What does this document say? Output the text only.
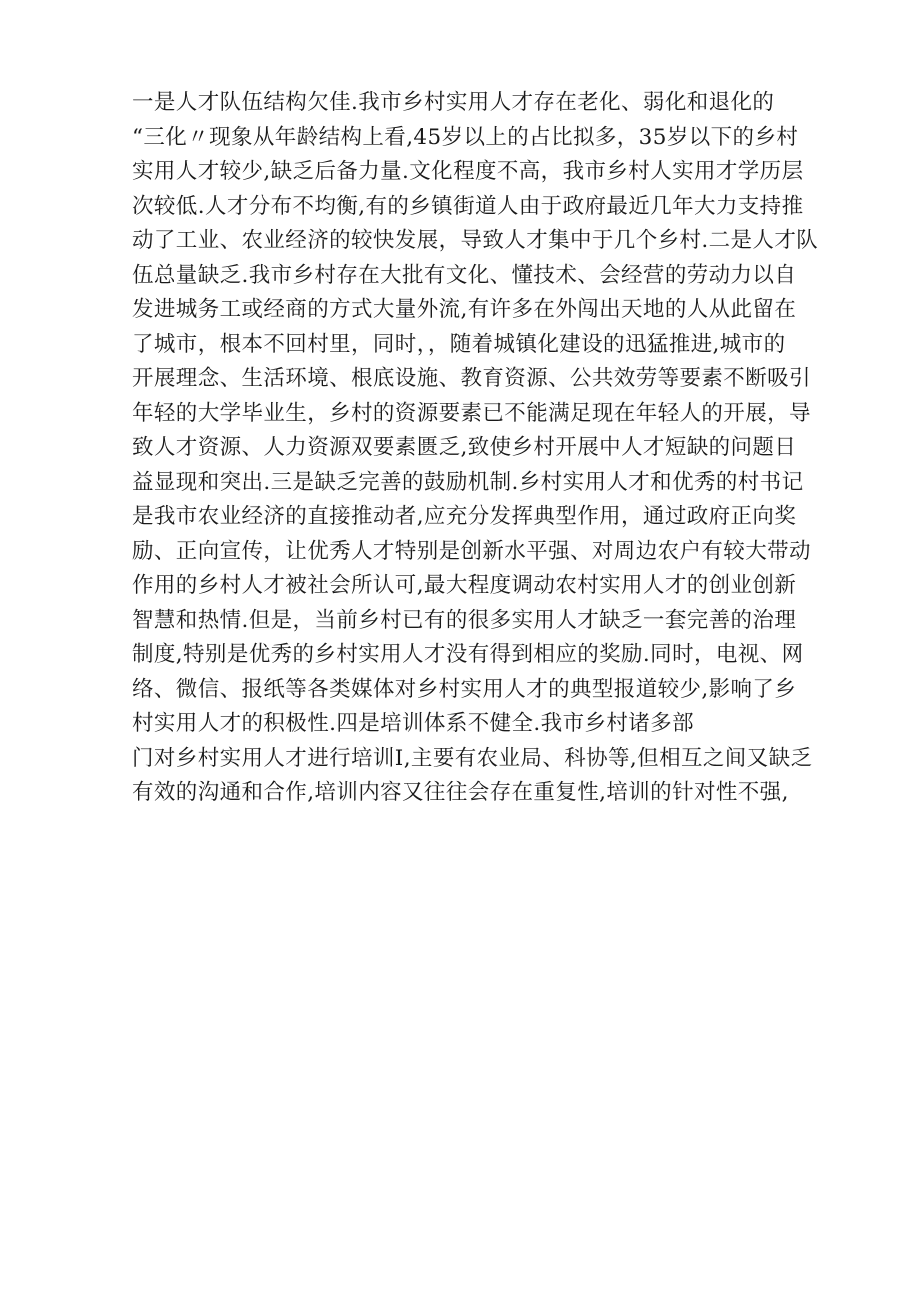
一是人才队伍结构欠佳.我市乡村实用人才存在老化、弱化和退化的
“三化〃现象从年龄结构上看,45岁以上的占比拟多，35岁以下的乡村
实用人才较少,缺乏后备力量.文化程度不高，我市乡村人实用才学历层
次较低.人才分布不均衡,有的乡镇街道人由于政府最近几年大力支持推
动了工业、农业经济的较快发展，导致人才集中于几个乡村.二是人才队
伍总量缺乏.我市乡村存在大批有文化、懂技术、会经营的劳动力以自
发进城务工或经商的方式大量外流,有许多在外闯出天地的人从此留在
了城市，根本不回村里，同时，，随着城镇化建设的迅猛推进,城市的
开展理念、生活环境、根底设施、教育资源、公共效劳等要素不断吸引
年轻的大学毕业生，乡村的资源要素已不能满足现在年轻人的开展，导
致人才资源、人力资源双要素匮乏,致使乡村开展中人才短缺的问题日
益显现和突出.三是缺乏完善的鼓励机制.乡村实用人才和优秀的村书记
是我市农业经济的直接推动者,应充分发挥典型作用，通过政府正向奖
励、正向宣传，让优秀人才特别是创新水平强、对周边农户有较大带动
作用的乡村人才被社会所认可,最大程度调动农村实用人才的创业创新
智慧和热情.但是，当前乡村已有的很多实用人才缺乏一套完善的治理
制度,特别是优秀的乡村实用人才没有得到相应的奖励.同时，电视、网
络、微信、报纸等各类媒体对乡村实用人才的典型报道较少,影响了乡
村实用人才的积极性.四是培训体系不健全.我市乡村诸多部
门对乡村实用人才进行培训I,主要有农业局、科协等,但相互之间又缺乏
有效的沟通和合作,培训内容又往往会存在重复性,培训的针对性不强,
